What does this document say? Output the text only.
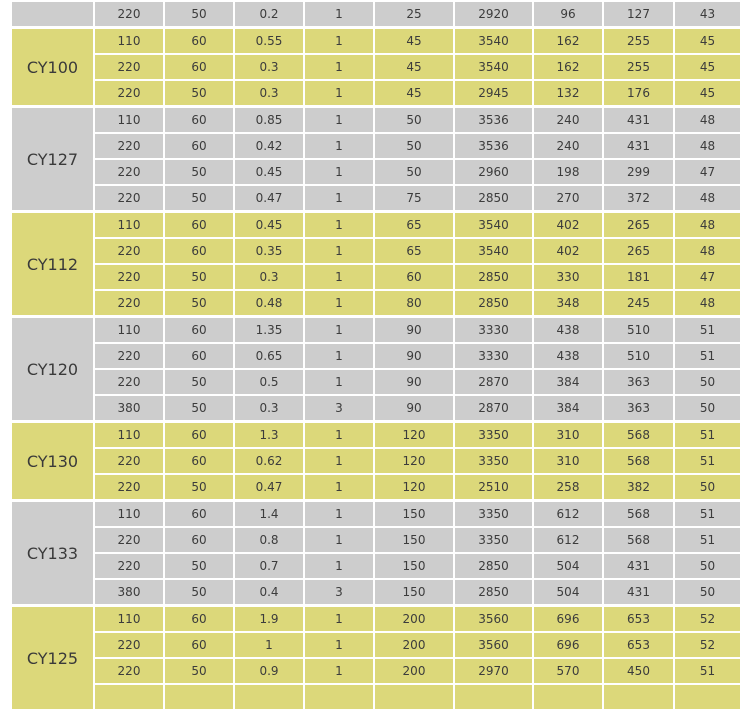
	220	50	0.2	1	25	2920	96	127	43
CY100	110	60	0.55	1	45	3540	162	255	45
	220	60	0.3	1	45	3540	162	255	45
	220	50	0.3	1	45	2945	132	176	45
CY127	110	60	0.85	1	50	3536	240	431	48
	220	60	0.42	1	50	3536	240	431	48
	220	50	0.45	1	50	2960	198	299	47
	220	50	0.47	1	75	2850	270	372	48
CY112	110	60	0.45	1	65	3540	402	265	48
	220	60	0.35	1	65	3540	402	265	48
	220	50	0.3	1	60	2850	330	181	47
	220	50	0.48	1	80	2850	348	245	48
CY120	110	60	1.35	1	90	3330	438	510	51
	220	60	0.65	1	90	3330	438	510	51
	220	50	0.5	1	90	2870	384	363	50
	380	50	0.3	3	90	2870	384	363	50
CY130	110	60	1.3	1	120	3350	310	568	51
	220	60	0.62	1	120	3350	310	568	51
	220	50	0.47	1	120	2510	258	382	50
CY133	110	60	1.4	1	150	3350	612	568	51
	220	60	0.8	1	150	3350	612	568	51
	220	50	0.7	1	150	2850	504	431	50
	380	50	0.4	3	150	2850	504	431	50
CY125	110	60	1.9	1	200	3560	696	653	52
	220	60	1	1	200	3560	696	653	52
	220	50	0.9	1	200	2970	570	450	51
